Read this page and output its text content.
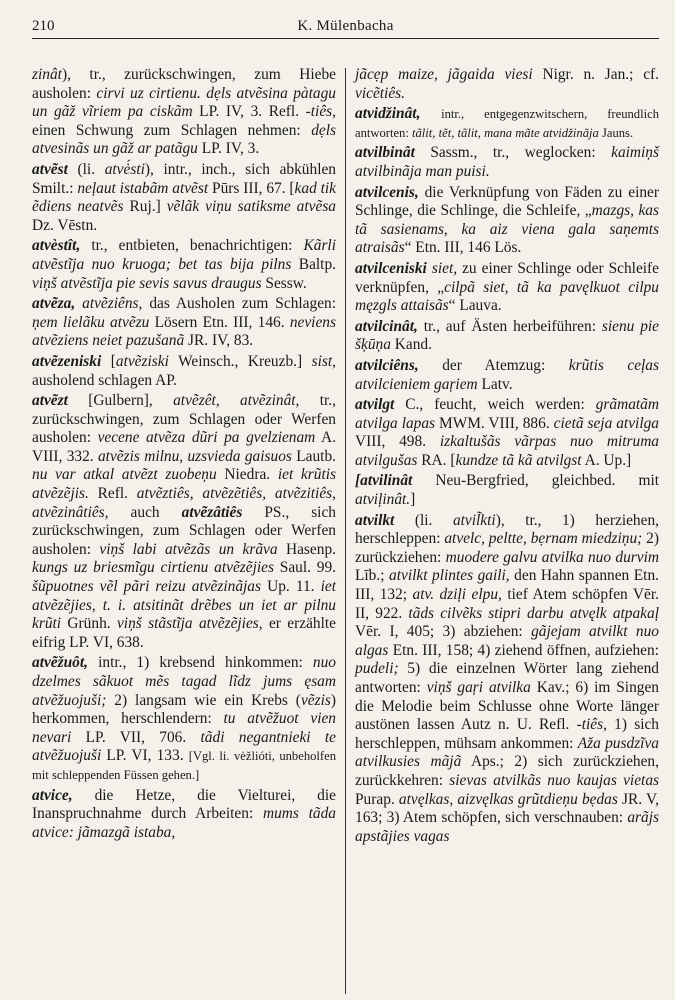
210	K. Mülenbacha
zinât), tr., zurückschwingen, zum Hiebe ausholen: cirvi uz cirtienu. dẹls atvẽsina pàtagu un gãž vĩriem pa ciskãm LP. IV, 3. Refl. -tiês, einen Schwung zum Schlagen nehmen: dẹls atvesinãs un gãž ar patãgu LP. IV, 3.
atvẽst (li. atvė́sti), intr., inch., sich abkühlen Smilt.: neļaut istabãm atvẽst Pūrs III, 67. [kad tik ẽdiens neatvẽs Ruj.] vẽlãk viņu satiksme atvẽsa Dz. Vēstn.
atvèstît, tr., entbieten, benachrichtigen: Kãrli atvẽstĩja nuo kruoga; bet tas bija pilns Baltp. viņš atvẽstĩja pie sevis savus draugus Sessw.
atvẽza, atvẽziêns, das Ausholen zum Schlagen: ņem lielãku atvẽzu Lösern Etn. III, 146. neviens atvẽziens neiet pazušanã JR. IV, 83.
atvẽzeniski [atvẽziski Weinsch., Kreuzb.] sist, ausholend schlagen AP.
atvẽzt [Gulbern], atvẽzêt, atvẽzinât, tr., zurückschwingen, zum Schlagen oder Werfen ausholen: vecene atvẽza dũri pa gvelzienam A. VIII, 332. atvẽzis milnu, uzsvieda gaisuos Lautb. nu var atkal atvẽzt zuobeņu Niedra. iet krũtis atvẽzẽjis. Refl. atvẽztiês, atvẽzẽtiês, atvẽzitiês, atvẽzinâtiês, auch atvẽzâtiês PS., sich zurückschwingen, zum Schlagen oder Werfen ausholen: viņš labi atvẽzãs un krãva Hasenp. kungs uz briesmĩgu cirtienu atvẽzẽjies Saul. 99. šũpuotnes vẽl pãri reizu atvẽzinãjas Up. 11. iet atvẽzẽjies, t. i. atsitinãt drẽbes un iet ar pilnu krũti Grünh. viņš stãstĩja atvẽzẽjies, er erzählte eifrig LP. VI, 638.
atvẽžuôt, intr., 1) krebsend hinkommen: nuo dzelmes sãkuot mẽs tagad lĩdz jums ęsam atvẽžuojuši; 2) langsam wie ein Krebs (vẽzis) herkommen, herschlendern: tu atvẽžuot vien nevari LP. VII, 706. tãdi negantnieki te atvẽžuojuši LP. VI, 133. [Vgl. li. vėžlióti, unbeholfen mit schleppenden Füssen gehen.]
atvice, die Hetze, die Vielturei, die Inanspruchnahme durch Arbeiten: mums tãda atvice: jãmazgã istaba,
jãcẹp maize, jãgaida viesi Nigr. n. Jan.; cf. vicẽtiês.
atvidžinât, intr., entgegenzwitschern, freundlich antworten: tãlit, tẽt, tãlit, mana mãte atvidžinãja Jauns.
atvilbinât Sassm., tr., weglocken: kaimiņš atvilbinãja man puisi.
atvilcenis, die Verknüpfung von Fäden zu einer Schlinge, die Schlinge, die Schleife, „mazgs, kas tã sasienams, ka aiz viena gala saņemts atraisãs“ Etn. III, 146 Lös.
atvilceniski siet, zu einer Schlinge oder Schleife verknüpfen, „cilpã siet, tã ka pavęlkuot cilpu męzgls attaisãs“ Lauva.
atvilcinât, tr., auf Ästen herbeiführen: sienu pie šķūņa Kand.
atvilciêns, der Atemzug: krũtis ceļas atvilcieniem gaŗiem Latv.
atvilgt C., feucht, weich werden: grãmatãm atvilga lapas MWM. VIII, 886. cietã seja atvilga VIII, 498. izkaltušãs vãrpas nuo mitruma atvilgušas RA. [kundze tã kã atvilgst A. Up.]
[atvilinât Neu-Bergfried, gleichbed. mit atviļinât.]
atvilkt (li. atvil̃kti), tr., 1) herziehen, herschleppen: atvelc, peltte, bẹrnam miedziņu; 2) zurückziehen: muodere galvu atvilka nuo durvim Līb.; atvilkt plintes gaili, den Hahn spannen Etn. III, 132; atv. dziļi elpu, tief Atem schöpfen Vēr. II, 922. tãds cilvẽks stipri darbu atvęlk atpakaļ Vēr. I, 405; 3) abziehen: gãjejam atvilkt nuo algas Etn. III, 158; 4) ziehend öffnen, aufziehen: pudeli; 5) die einzelnen Wörter lang ziehend antworten: viņš gaŗi atvilka Kav.; 6) im Singen die Melodie beim Schlusse ohne Worte länger austönen lassen Autz n. U. Refl. -tiês, 1) sich herschleppen, mühsam ankommen: Aža pusdzĩva atvilkusies mãjã Aps.; 2) sich zurückziehen, zurückkehren: sievas atvilkãs nuo kaujas vietas Purap. atvęlkas, aizvęlkas grũtdieņu bẹdas JR. V, 163; 3) Atem schöpfen, sich verschnauben: arãjs apstãjies vagas
